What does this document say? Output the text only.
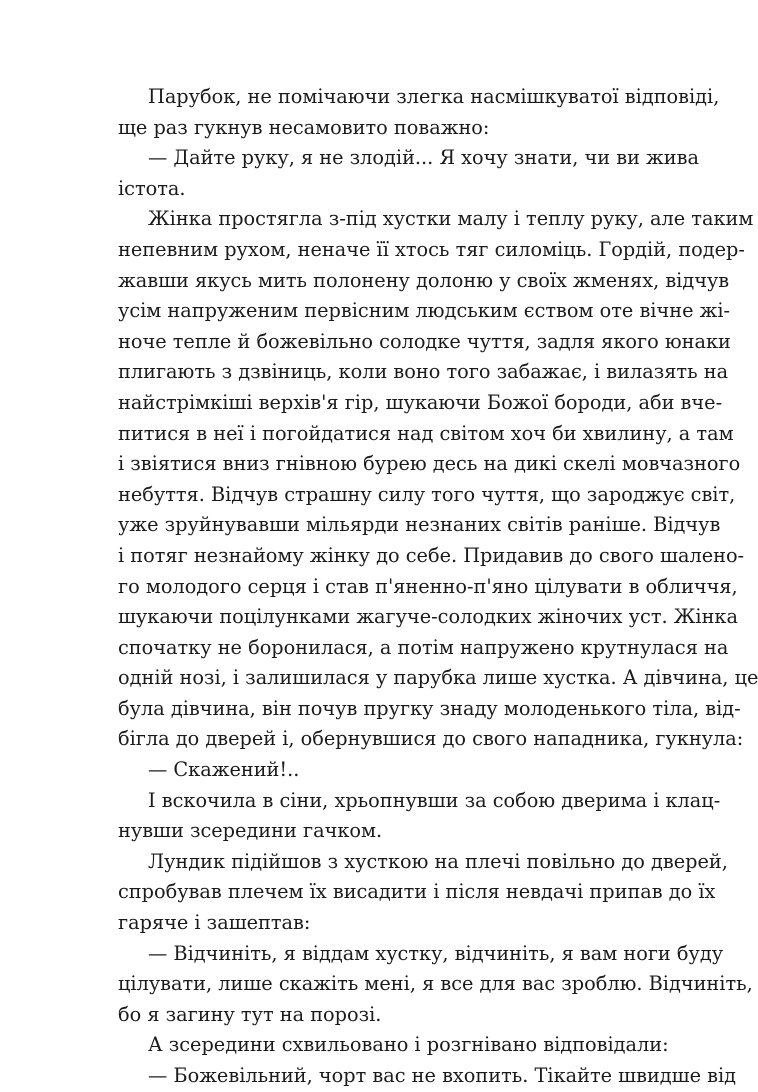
Парубок, не помічаючи злегка насмішкуватої відповіді,
ще раз гукнув несамовито поважно:
— Дайте руку, я не злодій... Я хочу знати, чи ви жива
істота.
Жінка простягла з-під хустки малу і теплу руку, але таким
непевним рухом, неначе її хтось тяг силоміць. Гордій, подер-
жавши якусь мить полонену долоню у своїх жменях, відчув
усім напруженим первісним людським єством оте вічне жі-
ноче тепле й божевільно солодке чуття, задля якого юнаки
плигають з дзвіниць, коли воно того забажає, і вилазять на
найстрімкіші верхів'я гір, шукаючи Божої бороди, аби вче-
питися в неї і погойдатися над світом хоч би хвилину, а там
і звіятися вниз гнівною бурею десь на дикі скелі мовчазного
небуття. Відчув страшну силу того чуття, що зароджує світ,
уже зруйнувавши мільярди незнаних світів раніше. Відчув
і потяг незнайому жінку до себе. Придавив до свого шалено-
го молодого серця і став п'яненно-п'яно цілувати в обличчя,
шукаючи поцілунками жагуче-солодких жіночих уст. Жінка
спочатку не боронилася, а потім напружено крутнулася на
одній нозі, і залишилася у парубка лише хустка. А дівчина, це
була дівчина, він почув пругку знаду молоденького тіла, від-
бігла до дверей і, обернувшися до свого нападника, гукнула:
— Скажений!..
І вскочила в сіни, хрьопнувши за собою дверима і клац-
нувши зсередини гачком.
Лундик підійшов з хусткою на плечі повільно до дверей,
спробував плечем їх висадити і після невдачі припав до їх
гаряче і зашептав:
— Відчиніть, я віддам хустку, відчиніть, я вам ноги буду
цілувати, лише скажіть мені, я все для вас зроблю. Відчиніть,
бо я загину тут на порозі.
А зсередини схвильовано і розгнівано відповідали:
— Божевільний, чорт вас не вхопить. Тікайте швидше від
